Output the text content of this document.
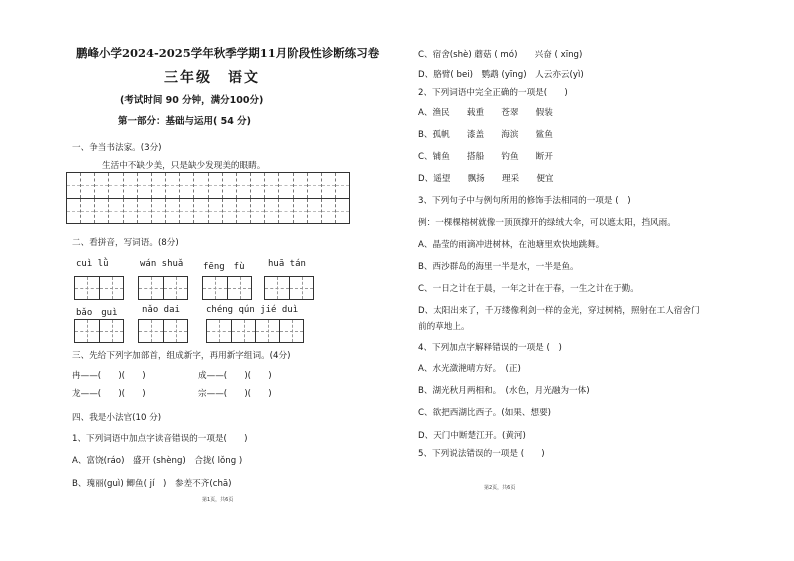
鹏峰小学2024-2025学年秋季学期11月阶段性诊断练习卷
三年级　语文
(考试时间 90 分钟，满分100分)
第一部分：基础与运用( 54 分)
一、争当书法家。(3分)
生活中不缺少美，只是缺少发现美的眼睛。
二、看拼音，写词语。(8分)
cuì lǜ	wán shuǎ fēng　fù	huā tán
bǎo　guì	nǎo dai	chéng qún jié duì
三、先给下列字加部首，组成新字，再用新字组词。(4分)
冉——(　　)(　　)	成——(　　)(　　)
龙——(　　)(　　)	宗——(　　)(　　)
四、我是小法官(10 分)
1、下列词语中加点字读音错误的一项是(　　)
A、富饶(ráo)　盛开 (shèng)　合拢( lǒng )
B、瑰丽(guì) 鲫鱼( jí　)　参差不齐(chā)
第1页，共6页
C、宿舍(shè) 蘑菇 ( mó)　　兴奋 ( xīng)
D、胳臂( bei)　鹦鹉 (yīng)　人云亦云(yì)
2、下列词语中完全正确的一项是(　　)
A、渔民　　载重　　苍翠　　假装
B、孤帆　　漆盖　　海滨　　鲨鱼
C、铺鱼　　搭船　　钓鱼　　断开
D、遥望　　飘扬　　理采　　便宜
3、下列句子中与例句所用的修饰手法相同的一项是 (　)
例：一棵棵榕树就像一顶顶撑开的绿绒大伞，可以遮太阳，挡风雨。
A、晶莹的雨滴冲进树林，在池塘里欢快地跳舞。
B、西沙群岛的海里一半是水，一半是鱼。
C、一日之计在于晨，一年之计在于春，一生之计在于勤。
D、太阳出来了，千万缕像利剑一样的金光，穿过树梢，照射在工人宿舍门
前的草地上。
4、下列加点字解释错误的一项是 (　)
A、水光潋滟晴方好。　(正)
B、湖光秋月两相和。　(水色，月光融为一体)
C、欲把西湖比西子。(如果、想要)
D、天门中断楚江开。(黄河)
5、下列说法错误的一项是 (　　)
第2页，共6页
